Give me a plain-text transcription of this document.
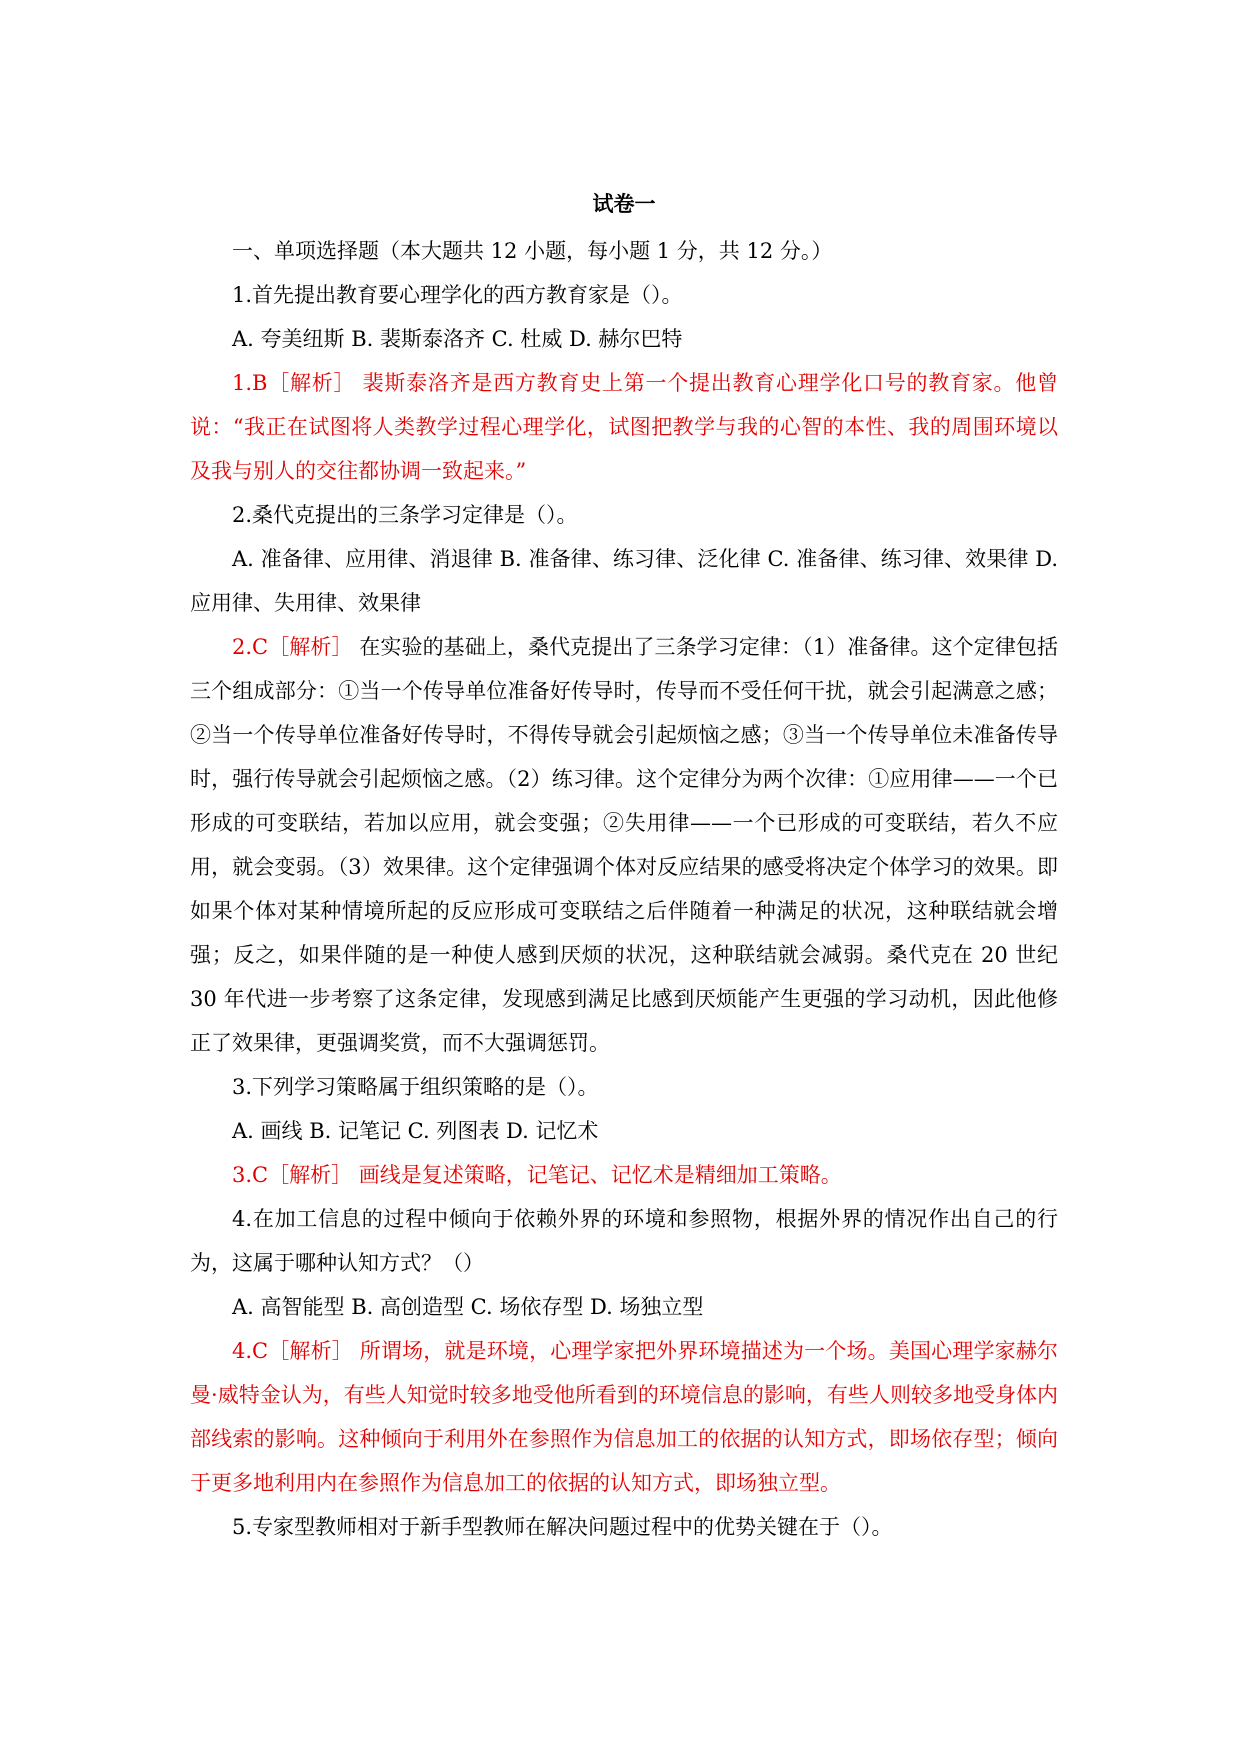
试卷一

一、单项选择题（本大题共 12 小题，每小题 1 分，共 12 分。）

1.首先提出教育要心理学化的西方教育家是（）。

A. 夸美纽斯 B. 裴斯泰洛齐 C. 杜威 D. 赫尔巴特

1.B［解析］ 裴斯泰洛齐是西方教育史上第一个提出教育心理学化口号的教育家。他曾说：“我正在试图将人类教学过程心理学化，试图把教学与我的心智的本性、我的周围环境以及我与别人的交往都协调一致起来。”

2.桑代克提出的三条学习定律是（）。

A. 准备律、应用律、消退律 B. 准备律、练习律、泛化律 C. 准备律、练习律、效果律 D. 应用律、失用律、效果律

2.C［解析］ 在实验的基础上，桑代克提出了三条学习定律：（1）准备律。这个定律包括三个组成部分：①当一个传导单位准备好传导时，传导而不受任何干扰，就会引起满意之感；②当一个传导单位准备好传导时，不得传导就会引起烦恼之感；③当一个传导单位未准备传导时，强行传导就会引起烦恼之感。（2）练习律。这个定律分为两个次律：①应用律——一个已形成的可变联结，若加以应用，就会变强；②失用律——一个已形成的可变联结，若久不应用，就会变弱。（3）效果律。这个定律强调个体对反应结果的感受将决定个体学习的效果。即如果个体对某种情境所起的反应形成可变联结之后伴随着一种满足的状况，这种联结就会增强；反之，如果伴随的是一种使人感到厌烦的状况，这种联结就会减弱。桑代克在 20 世纪 30 年代进一步考察了这条定律，发现感到满足比感到厌烦能产生更强的学习动机，因此他修正了效果律，更强调奖赏，而不大强调惩罚。

3.下列学习策略属于组织策略的是（）。

A. 画线 B. 记笔记 C. 列图表 D. 记忆术

3.C［解析］ 画线是复述策略，记笔记、记忆术是精细加工策略。

4.在加工信息的过程中倾向于依赖外界的环境和参照物，根据外界的情况作出自己的行为，这属于哪种认知方式？（）

A. 高智能型 B. 高创造型 C. 场依存型 D. 场独立型

4.C［解析］ 所谓场，就是环境，心理学家把外界环境描述为一个场。美国心理学家赫尔曼·威特金认为，有些人知觉时较多地受他所看到的环境信息的影响，有些人则较多地受身体内部线索的影响。这种倾向于利用外在参照作为信息加工的依据的认知方式，即场依存型；倾向于更多地利用内在参照作为信息加工的依据的认知方式，即场独立型。

5.专家型教师相对于新手型教师在解决问题过程中的优势关键在于（）。
